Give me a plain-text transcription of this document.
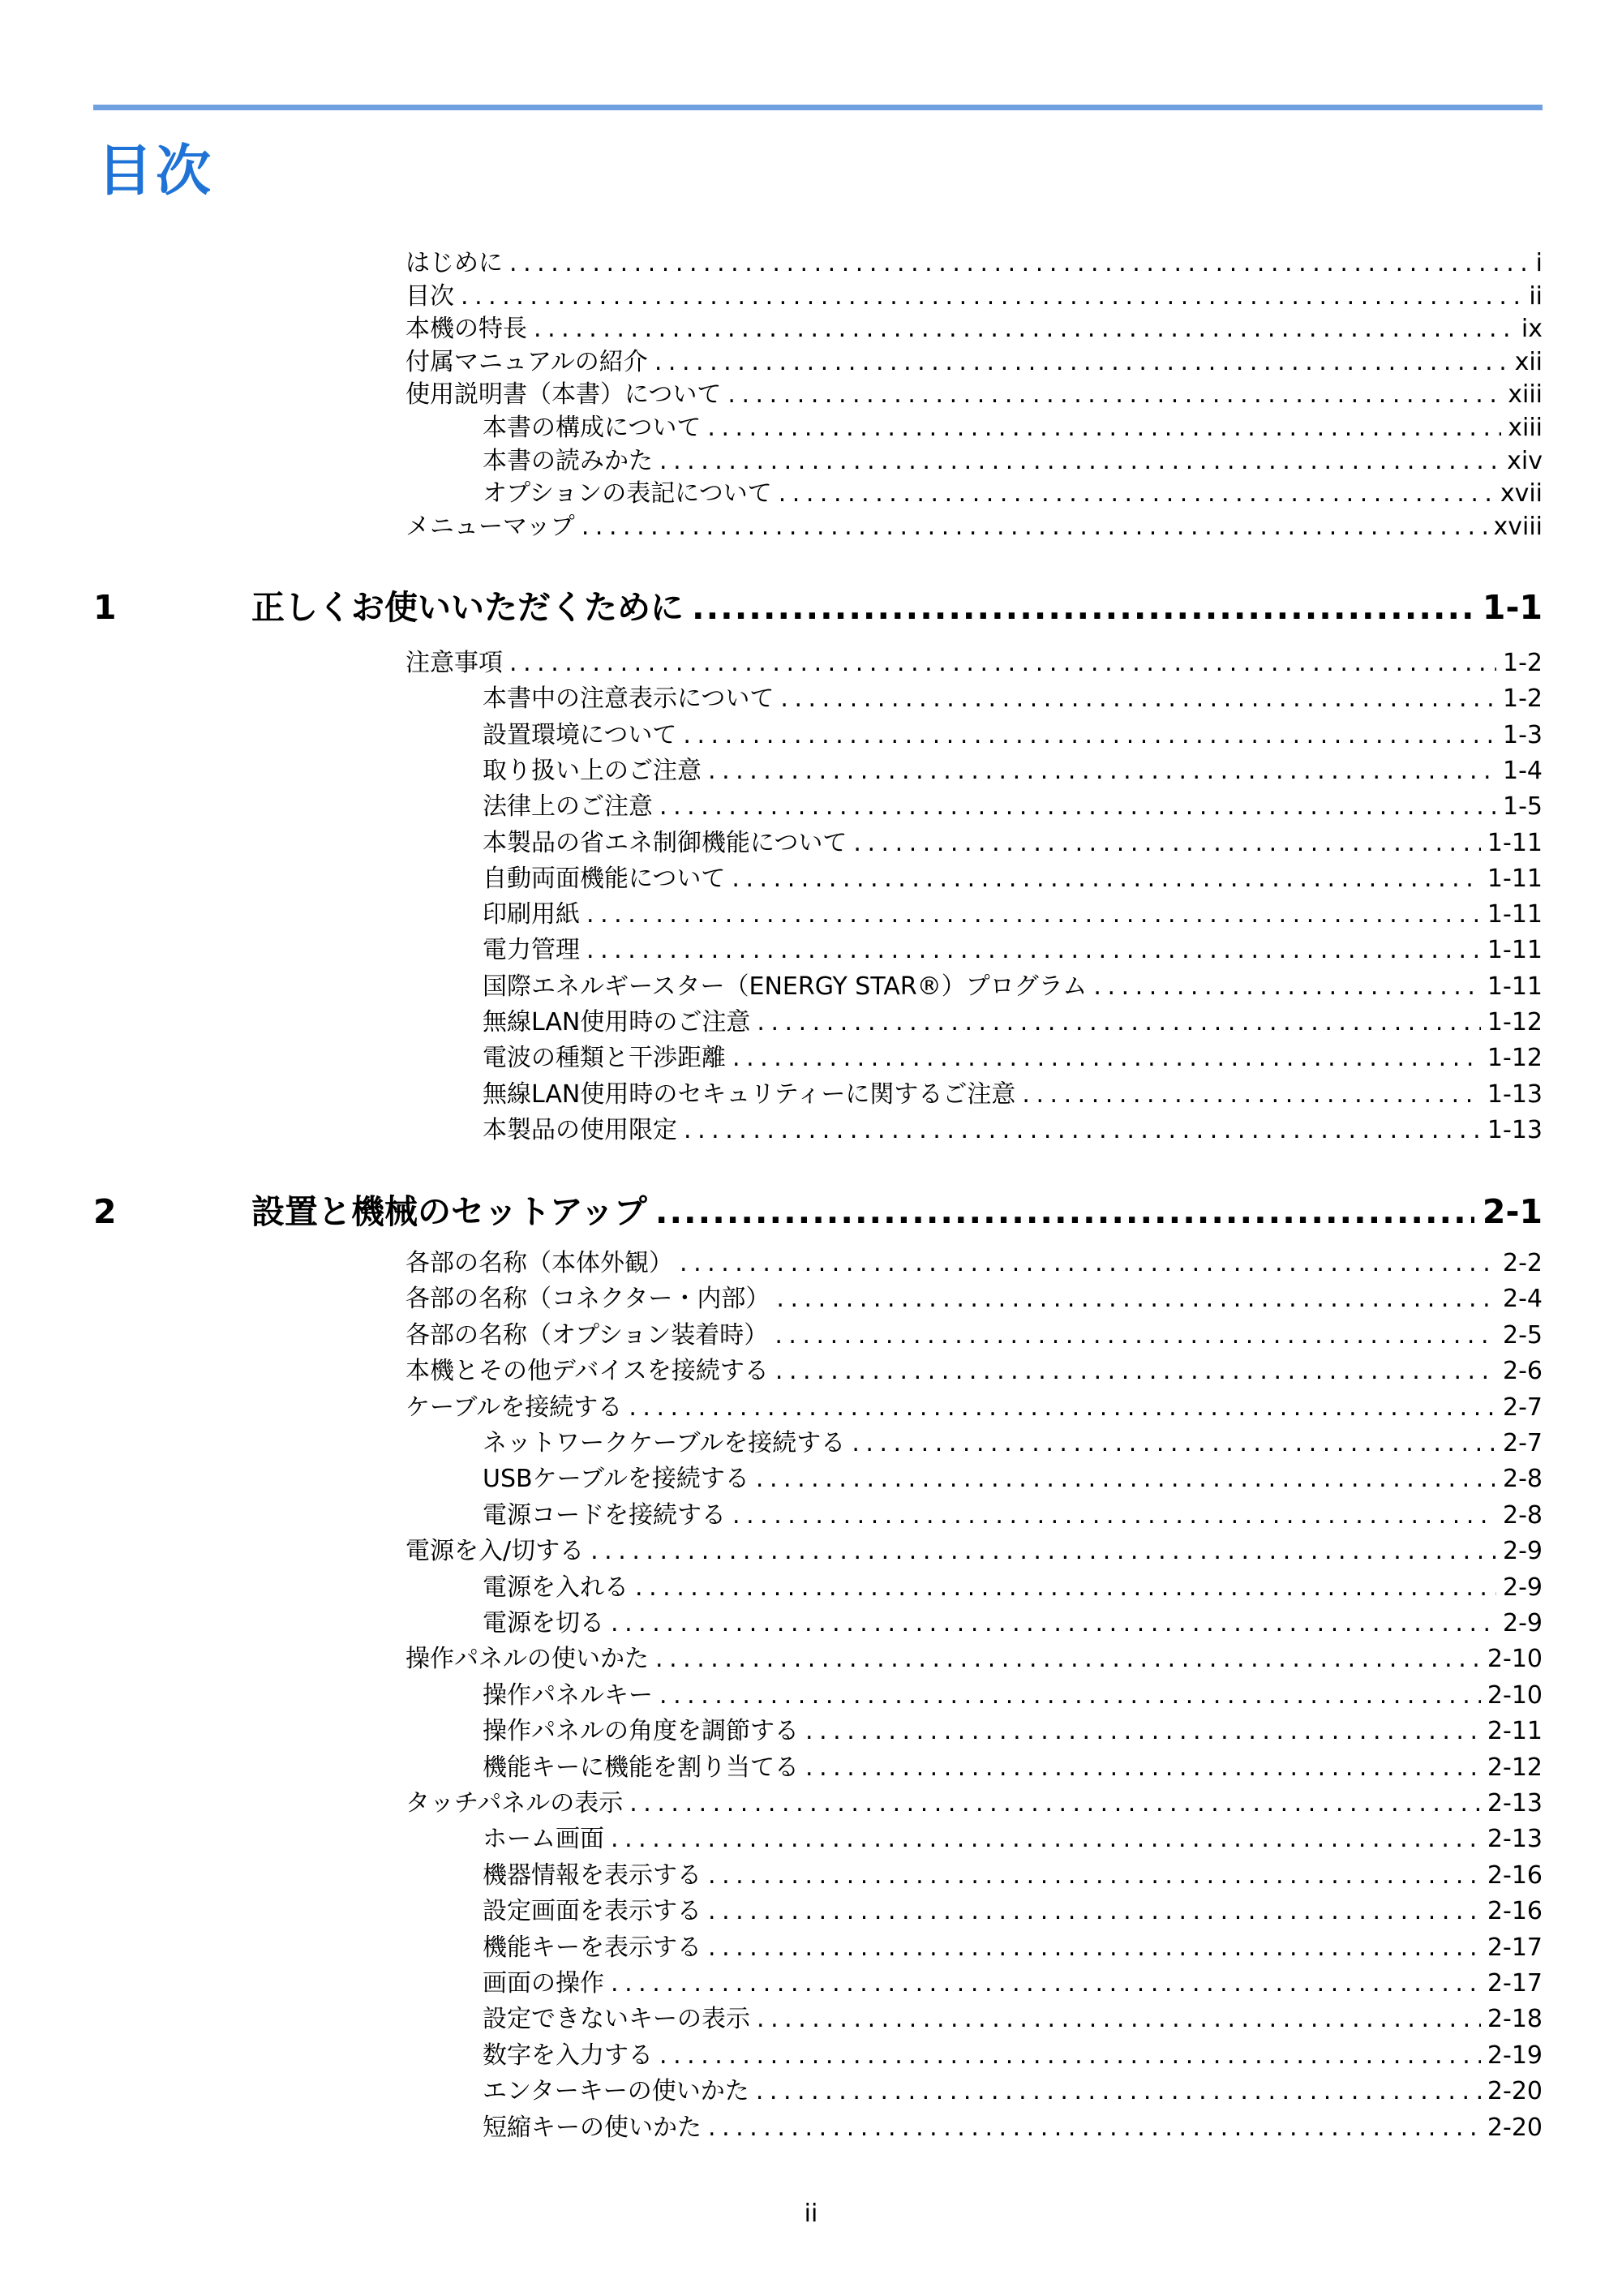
目次
はじめに . . .	i
目次 . . .	ii
本機の特長 . . .	ix
付属マニュアルの紹介 . . .	xii
使用説明書（本書）について . . .	xiii
本書の構成について . . .	xiii
本書の読みかた . . .	xiv
オプションの表記について . . .	xvii
メニューマップ . . .	xviii
1	正しくお使いいただくために .....	1-1
注意事項 . . .	1-2
本書中の注意表示について . . .	1-2
設置環境について . . .	1-3
取り扱い上のご注意 . . .	1-4
法律上のご注意 . . .	1-5
本製品の省エネ制御機能について . . .	1-11
自動両面機能について . . .	1-11
印刷用紙 . . .	1-11
電力管理 . . .	1-11
国際エネルギースター（ENERGY STAR®）プログラム . . .	1-11
無線LAN使用時のご注意 . . .	1-12
電波の種類と干渉距離 . . .	1-12
無線LAN使用時のセキュリティーに関するご注意 . . .	1-13
本製品の使用限定 . . .	1-13
2	設置と機械のセットアップ .....	2-1
各部の名称（本体外観） . . .	2-2
各部の名称（コネクター・内部） . . .	2-4
各部の名称（オプション装着時） . . .	2-5
本機とその他デバイスを接続する . . .	2-6
ケーブルを接続する . . .	2-7
ネットワークケーブルを接続する . . .	2-7
USBケーブルを接続する . . .	2-8
電源コードを接続する . . .	2-8
電源を入/切する . . .	2-9
電源を入れる . . .	2-9
電源を切る . . .	2-9
操作パネルの使いかた . . .	2-10
操作パネルキー . . .	2-10
操作パネルの角度を調節する . . .	2-11
機能キーに機能を割り当てる . . .	2-12
タッチパネルの表示 . . .	2-13
ホーム画面 . . .	2-13
機器情報を表示する . . .	2-16
設定画面を表示する . . .	2-16
機能キーを表示する . . .	2-17
画面の操作 . . .	2-17
設定できないキーの表示 . . .	2-18
数字を入力する . . .	2-19
エンターキーの使いかた . . .	2-20
短縮キーの使いかた . . .	2-20
ii
